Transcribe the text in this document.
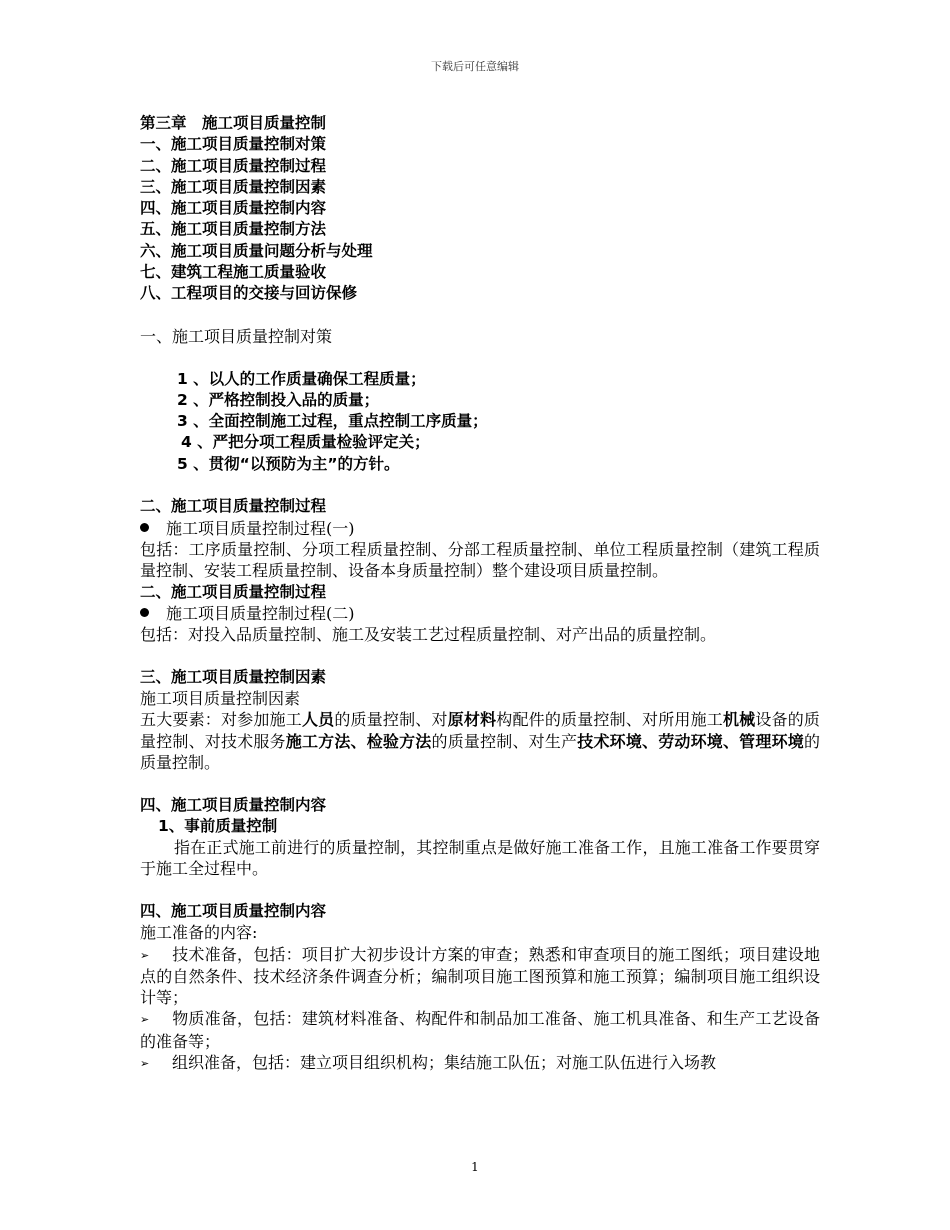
下载后可任意编辑
第三章　施工项目质量控制
一、施工项目质量控制对策
二、施工项目质量控制过程
三、施工项目质量控制因素
四、施工项目质量控制内容
五、施工项目质量控制方法
六、施工项目质量问题分析与处理
七、建筑工程施工质量验收
八、工程项目的交接与回访保修
一、施工项目质量控制对策
1 、以人的工作质量确保工程质量；
2 、严格控制投入品的质量；
3 、全面控制施工过程，重点控制工序质量；
4 、严把分项工程质量检验评定关；
5 、贯彻“以预防为主”的方针。
二、施工项目质量控制过程
施工项目质量控制过程(一)
包括：工序质量控制、分项工程质量控制、分部工程质量控制、单位工程质量控制（建筑工程质量控制、安装工程质量控制、设备本身质量控制）整个建设项目质量控制。
二、施工项目质量控制过程
施工项目质量控制过程(二)
包括：对投入品质量控制、施工及安装工艺过程质量控制、对产出品的质量控制。
三、施工项目质量控制因素
施工项目质量控制因素
五大要素：对参加施工人员的质量控制、对原材料构配件的质量控制、对所用施工机械设备的质量控制、对技术服务施工方法、检验方法的质量控制、对生产技术环境、劳动环境、管理环境的质量控制。
四、施工项目质量控制内容
1、事前质量控制
指在正式施工前进行的质量控制，其控制重点是做好施工准备工作，且施工准备工作要贯穿于施工全过程中。
四、施工项目质量控制内容
施工准备的内容:
➢ 技术准备，包括：项目扩大初步设计方案的审查；熟悉和审查项目的施工图纸；项目建设地点的自然条件、技术经济条件调查分析；编制项目施工图预算和施工预算；编制项目施工组织设计等；
➢ 物质准备，包括：建筑材料准备、构配件和制品加工准备、施工机具准备、和生产工艺设备的准备等；
➢ 组织准备，包括：建立项目组织机构；集结施工队伍；对施工队伍进行入场教
1
